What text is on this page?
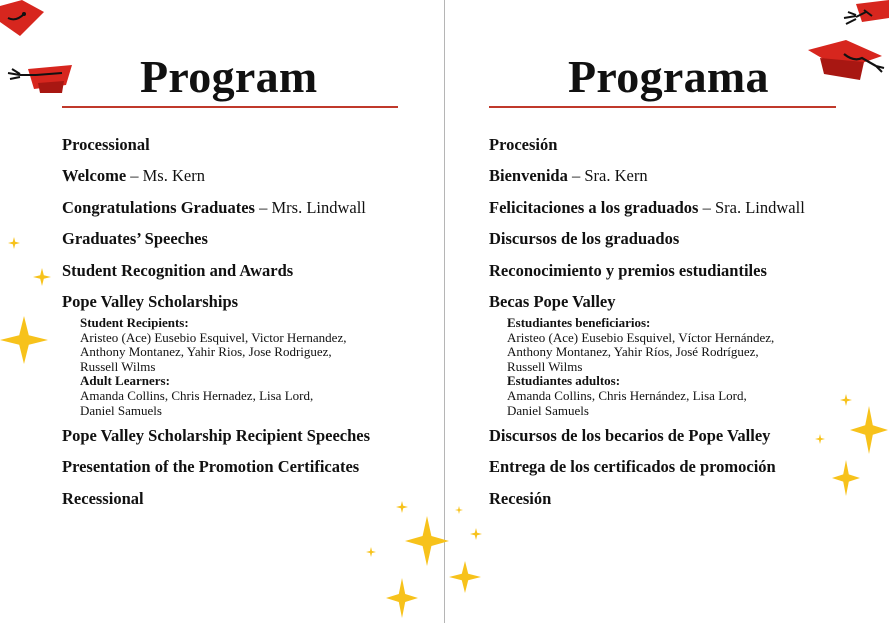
Program
Processional
Welcome – Ms. Kern
Congratulations Graduates – Mrs. Lindwall
Graduates’ Speeches
Student Recognition and Awards
Pope Valley Scholarships
Student Recipients:
Aristeo (Ace) Eusebio Esquivel, Victor Hernandez,
Anthony Montanez, Yahir Rios, Jose Rodriguez,
Russell Wilms
Adult Learners:
Amanda Collins, Chris Hernadez, Lisa Lord,
Daniel Samuels
Pope Valley Scholarship Recipient Speeches
Presentation of the Promotion Certificates
Recessional
Programa
Procesión
Bienvenida – Sra. Kern
Felicitaciones a los graduados – Sra. Lindwall
Discursos de los graduados
Reconocimiento y premios estudiantiles
Becas Pope Valley
Estudiantes beneficiarios:
Aristeo (Ace) Eusebio Esquivel, Víctor Hernández,
Anthony Montanez, Yahir Ríos, José Rodríguez,
Russell Wilms
Estudiantes adultos:
Amanda Collins, Chris Hernández, Lisa Lord,
Daniel Samuels
Discursos de los becarios de Pope Valley
Entrega de los certificados de promoción
Recesión
